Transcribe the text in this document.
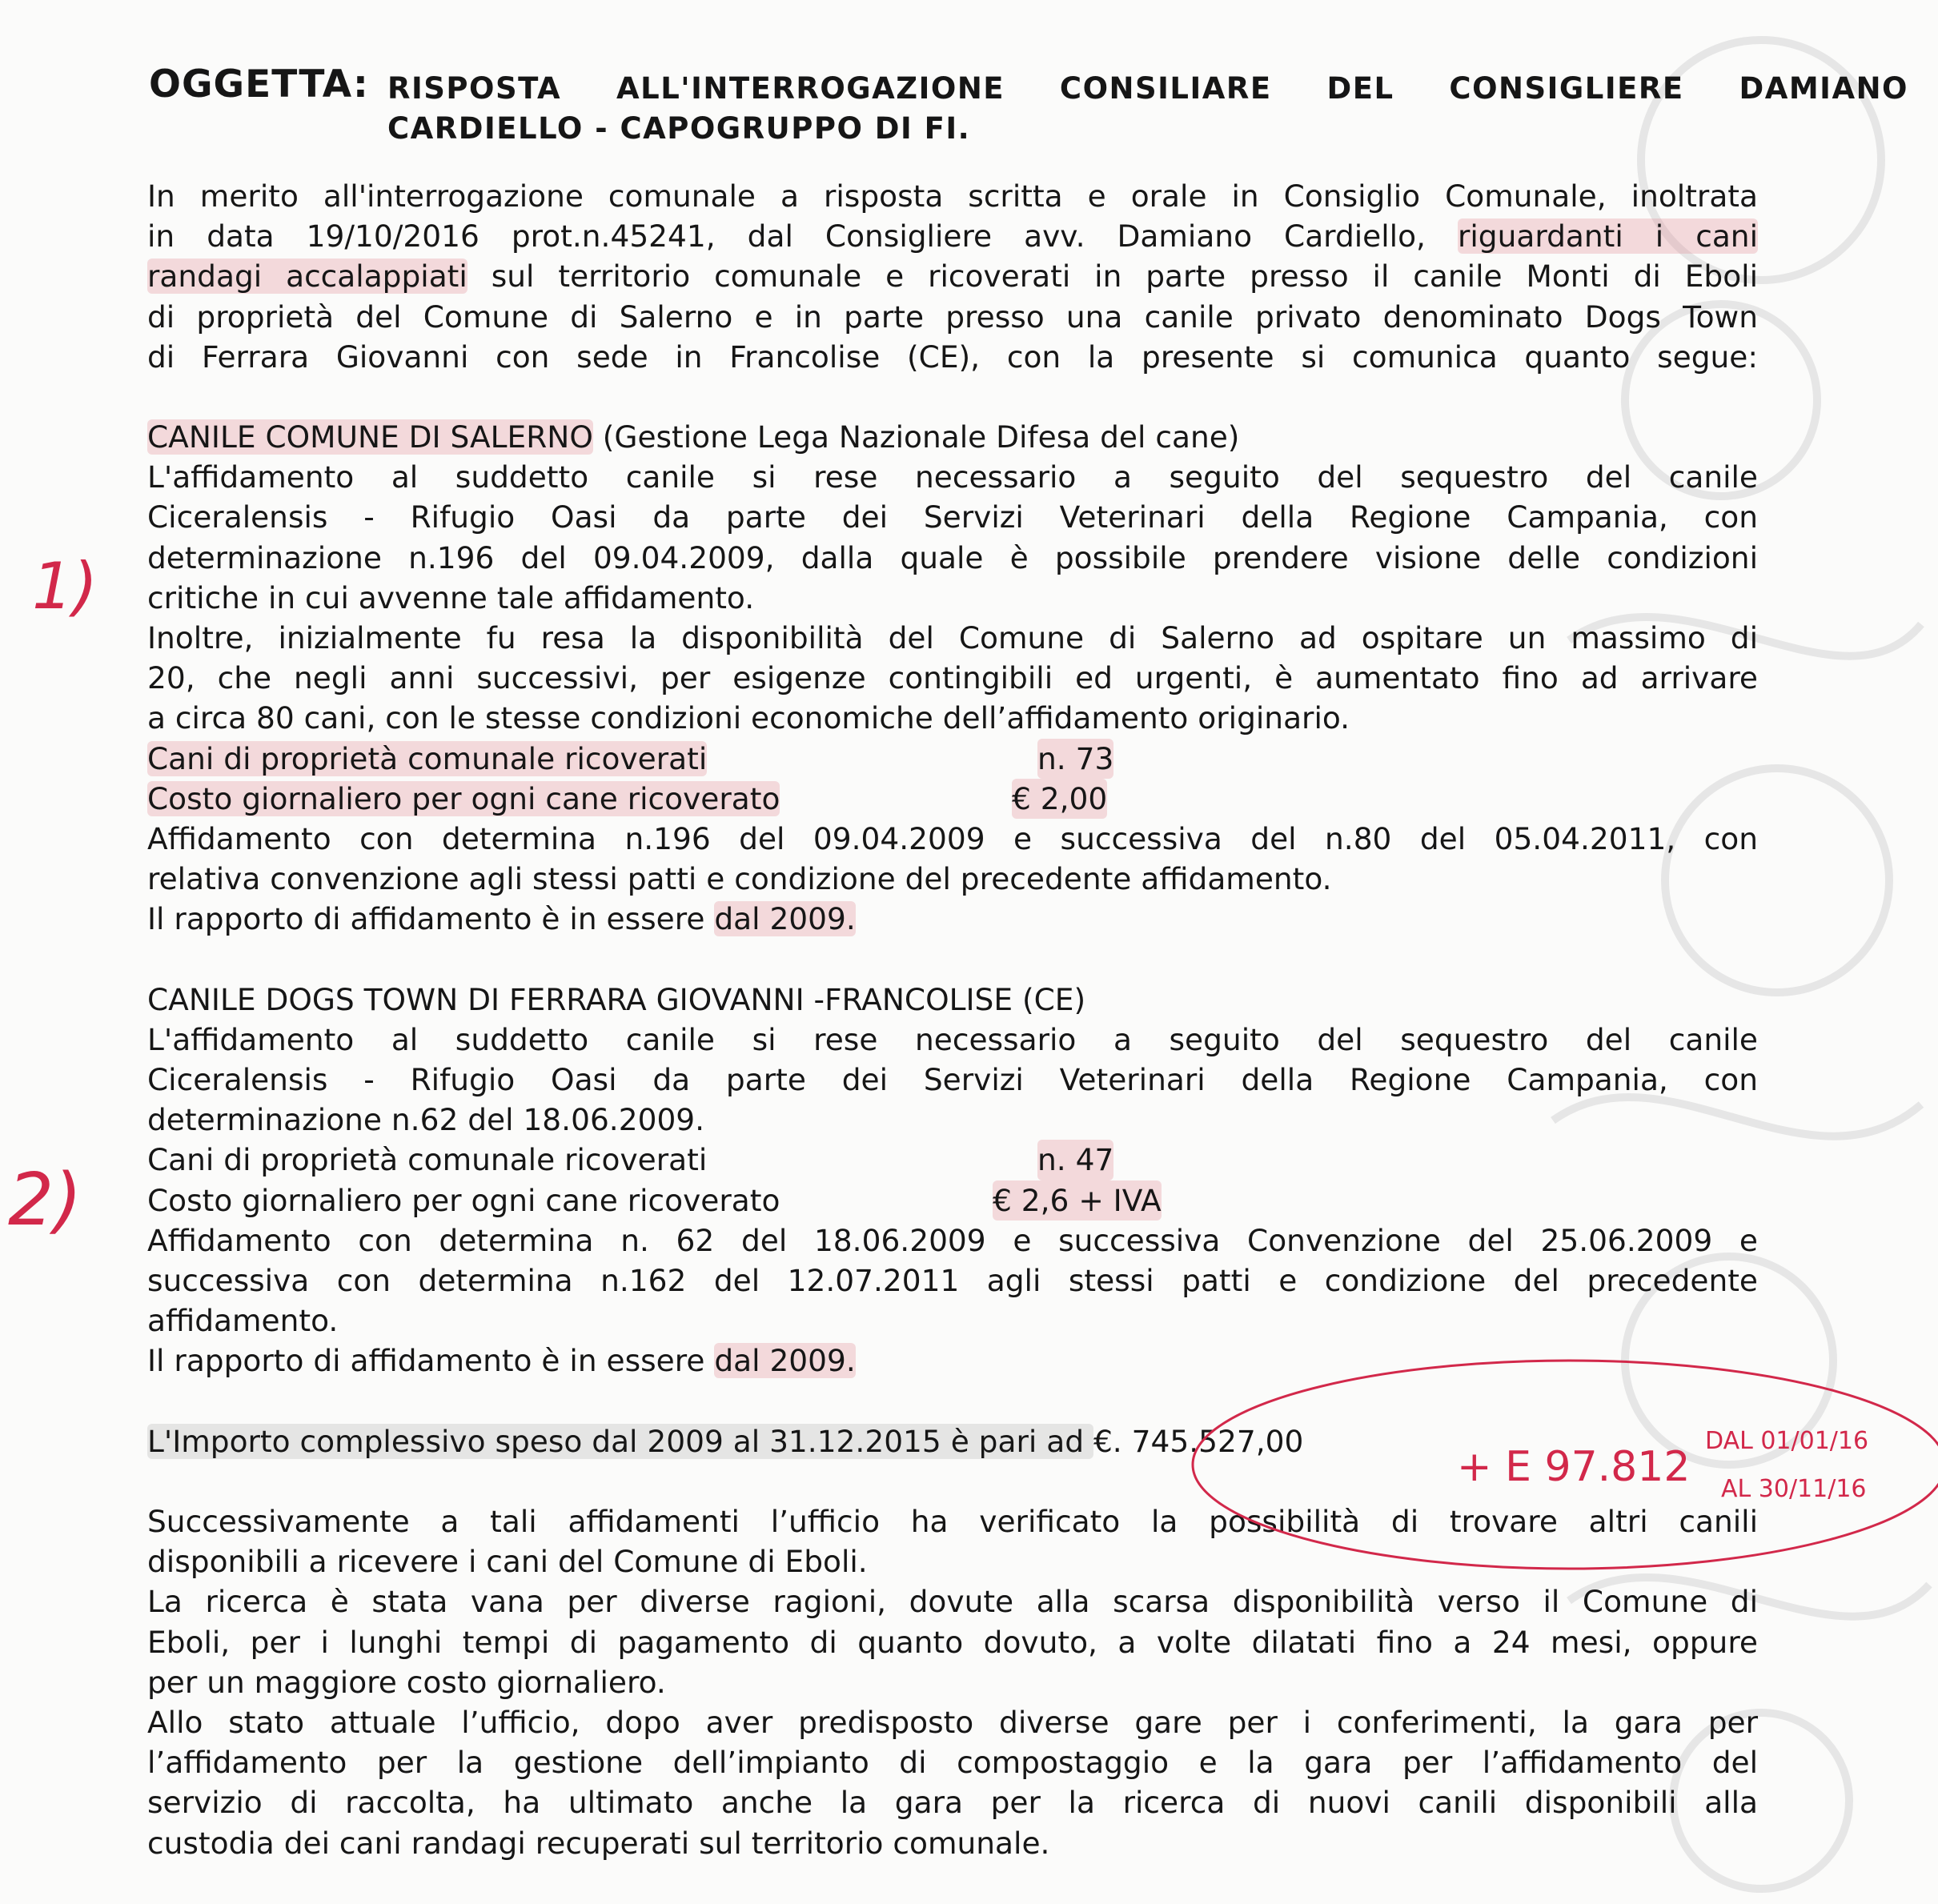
OGGETTA: RISPOSTA ALL'INTERROGAZIONE CONSILIARE DEL CONSIGLIERE DAMIANO
CARDIELLO - CAPOGRUPPO DI FI.

In merito all'interrogazione comunale a risposta scritta e orale in Consiglio Comunale, inoltrata
in data 19/10/2016 prot.n.45241, dal Consigliere avv. Damiano Cardiello, riguardanti i cani
randagi accalappiati sul territorio comunale e ricoverati in parte presso il canile Monti di Eboli
di proprietà del Comune di Salerno e in parte presso una canile privato denominato Dogs Town
di Ferrara Giovanni con sede in Francolise (CE), con la presente si comunica quanto segue:

CANILE COMUNE DI SALERNO (Gestione Lega Nazionale Difesa del cane)
L'affidamento al suddetto canile si rese necessario a seguito del sequestro del canile
Ciceralensis - Rifugio Oasi da parte dei Servizi Veterinari della Regione Campania, con
determinazione n.196 del 09.04.2009, dalla quale è possibile prendere visione delle condizioni
critiche in cui avvenne tale affidamento.
Inoltre, inizialmente fu resa la disponibilità del Comune di Salerno ad ospitare un massimo di
20, che negli anni successivi, per esigenze contingibili ed urgenti, è aumentato fino ad arrivare
a circa 80 cani, con le stesse condizioni economiche dell’affidamento originario.
Cani di proprietà comunale ricoverati	n. 73

Costo giornaliero per ogni cane ricoverato	€ 2,00

Affidamento con determina n.196 del 09.04.2009 e successiva del n.80 del 05.04.2011, con
relativa convenzione agli stessi patti e condizione del precedente affidamento.
Il rapporto di affidamento è in essere dal 2009.

CANILE DOGS TOWN DI FERRARA GIOVANNI -FRANCOLISE (CE)
L'affidamento al suddetto canile si rese necessario a seguito del sequestro del canile
Ciceralensis - Rifugio Oasi da parte dei Servizi Veterinari della Regione Campania, con
determinazione n.62 del 18.06.2009.
Cani di proprietà comunale ricoverati	n. 47

Costo giornaliero per ogni cane ricoverato	€ 2,6 + IVA

Affidamento con determina n. 62 del 18.06.2009 e successiva Convenzione del 25.06.2009 e
successiva con determina n.162 del 12.07.2011 agli stessi patti e condizione del precedente
affidamento.
Il rapporto di affidamento è in essere dal 2009.

L'Importo complessivo speso dal 2009 al 31.12.2015 è pari ad €. 745.527,00

Successivamente a tali affidamenti l’ufficio ha verificato la possibilità di trovare altri canili
disponibili a ricevere i cani del Comune di Eboli.
La ricerca è stata vana per diverse ragioni, dovute alla scarsa disponibilità verso il Comune di
Eboli, per i lunghi tempi di pagamento di quanto dovuto, a volte dilatati fino a 24 mesi, oppure
per un maggiore costo giornaliero.
Allo stato attuale l’ufficio, dopo aver predisposto diverse gare per i conferimenti, la gara per
l’affidamento per la gestione dell’impianto di compostaggio e la gara per l’affidamento del
servizio di raccolta, ha ultimato anche la gara per la ricerca di nuovi canili disponibili alla
custodia dei cani randagi recuperati sul territorio comunale.

1)
2)
+ E 97.812
DAL 01/01/16
AL 30/11/16
